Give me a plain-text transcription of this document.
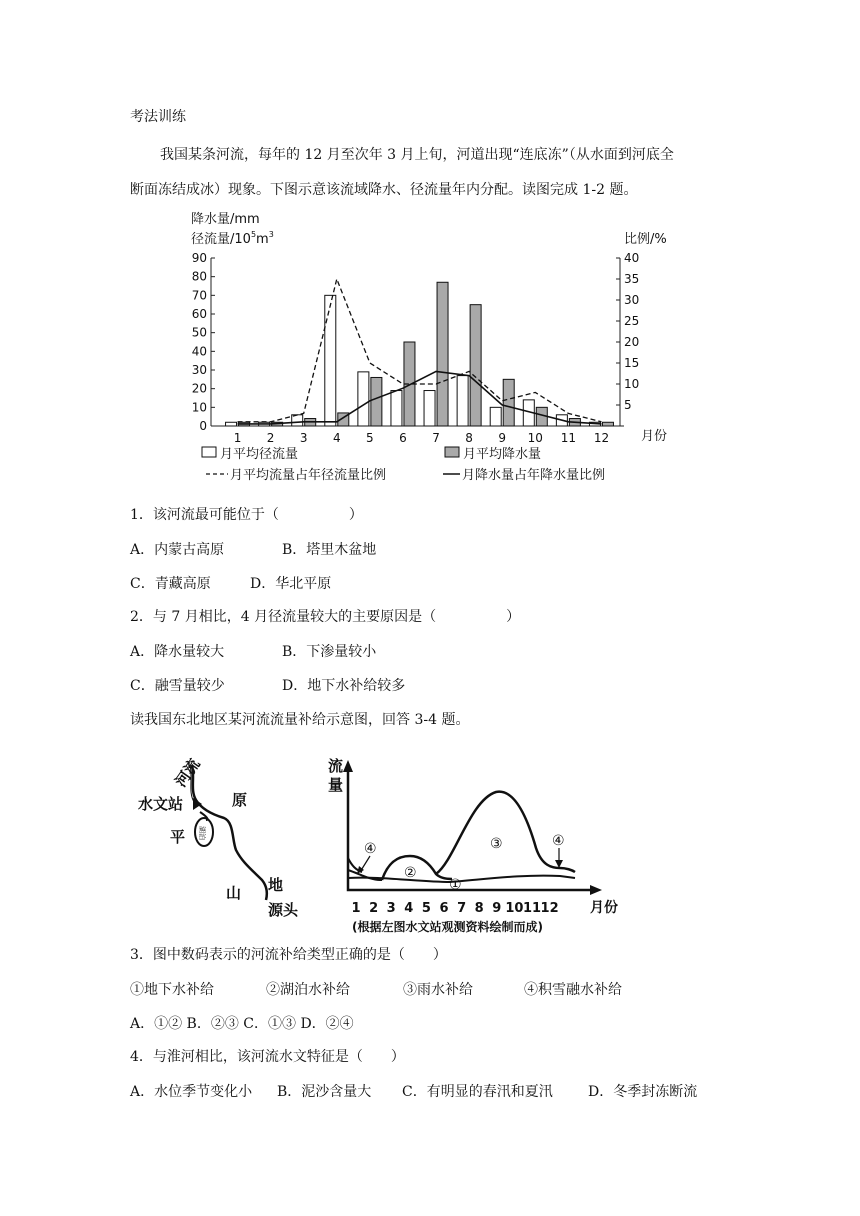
考法训练
我国某条河流，每年的 12 月至次年 3 月上旬，河道出现“连底冻”（从水面到河底全
断面冻结成冰）现象。下图示意该流域降水、径流量年内分配。读图完成 1-2 题。
降水量/mm
径流量$/10^5m^3$	比例/%
0
10
20
30
40
50
60
70
80
90
5
10
15
20
25
30
35
40
1 2 3 4 5 6 7 8 9 10 11 12 月份
月平均径流量	月平均降水量
月平均流量占年径流量比例	月降水量占年降水量比例
1．该河流最可能位于（　　　　　）
A．内蒙古高原	B．塔里木盆地
C．青藏高原	D．华北平原
2．与 7 月相比，4 月径流量较大的主要原因是（　　　　　）
A．降水量较大	B．下渗量较小
C．融雪量较少	D．地下水补给较多
读我国东北地区某河流流量补给示意图，回答 3-4 题。
河流
水文站	原
平
山 地
源头
湖泊
流
量
②
①
③
④	④
1 2 3 4 5 6 7 8 9 10 11 12 月份
(根据左图水文站观测资料绘制而成)
3．图中数码表示的河流补给类型正确的是（　　）
①地下水补给	②湖泊水补给	③雨水补给	④积雪融水补给
A．①② B．②③ C．①③ D．②④
4．与淮河相比，该河流水文特征是（　　）
A．水位季节变化小 B．泥沙含量大 C．有明显的春汛和夏汛	D．冬季封冻断流
